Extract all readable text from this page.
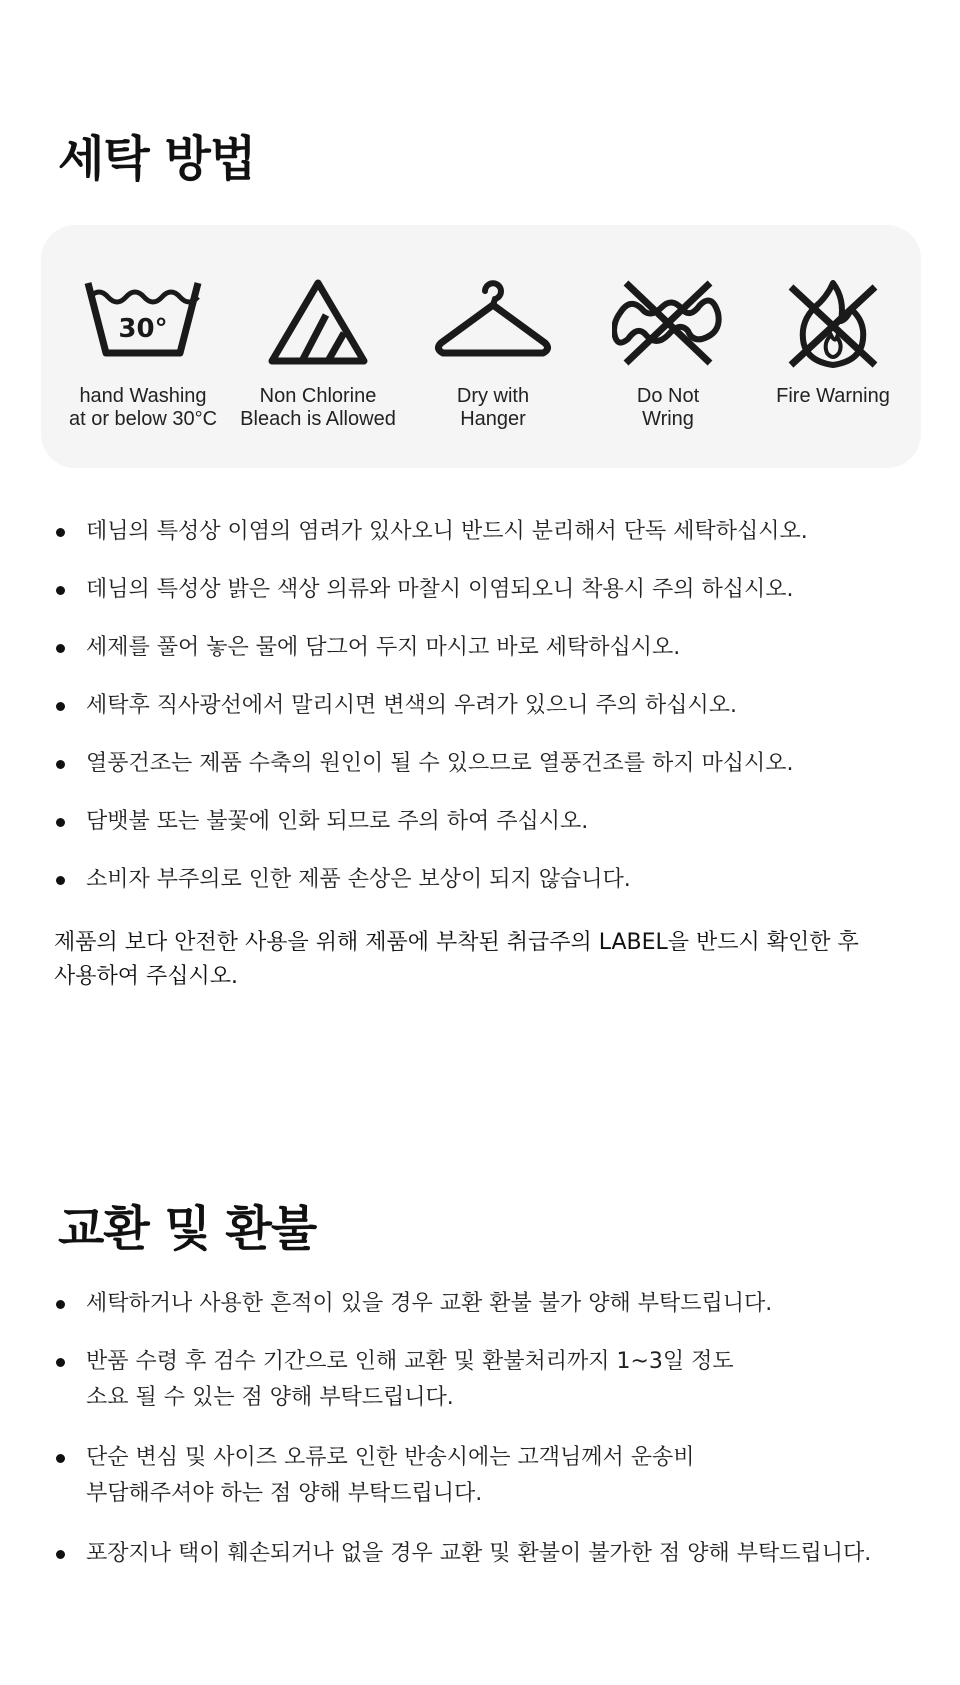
세탁 방법
30°
hand Washing
at or below 30°C
Non Chlorine
Bleach is Allowed
Dry with
Hanger
Do Not
Wring
Fire Warning
데님의 특성상 이염의 염려가 있사오니 반드시 분리해서 단독 세탁하십시오.
데님의 특성상 밝은 색상 의류와 마찰시 이염되오니 착용시 주의 하십시오.
세제를 풀어 놓은 물에 담그어 두지 마시고 바로 세탁하십시오.
세탁후 직사광선에서 말리시면 변색의 우려가 있으니 주의 하십시오.
열풍건조는 제품 수축의 원인이 될 수 있으므로 열풍건조를 하지 마십시오.
담뱃불 또는 불꽃에 인화 되므로 주의 하여 주십시오.
소비자 부주의로 인한 제품 손상은 보상이 되지 않습니다.

제품의 보다 안전한 사용을 위해 제품에 부착된 취급주의 LABEL을 반드시 확인한 후
사용하여 주십시오.

교환 및 환불
세탁하거나 사용한 흔적이 있을 경우 교환 환불 불가 양해 부탁드립니다.
반품 수령 후 검수 기간으로 인해 교환 및 환불처리까지 1~3일 정도
소요 될 수 있는 점 양해 부탁드립니다.
단순 변심 및 사이즈 오류로 인한 반송시에는 고객님께서 운송비
부담해주셔야 하는 점 양해 부탁드립니다.
포장지나 택이 훼손되거나 없을 경우 교환 및 환불이 불가한 점 양해 부탁드립니다.
